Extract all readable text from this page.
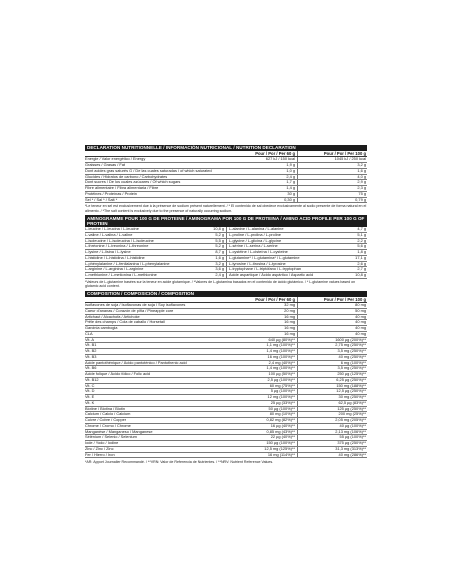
DECLARATION NUTRITIONNELLE / INFORMACIÓN NUTRICIONAL / NUTRITION DECLARATION
Pour / Por / Per 60 g	Pour / Por / Per 100 g
Energie / Valor energético / Energy	627 kJ / 150 kcal	1045 kJ / 250 kcal
Graisses / Grasas / Fat	1,9 g	3,2 g
Dont acides gras saturés G / De las cuales saturadas / of which saturated	1,0 g	1,6 g
Glucides / Hidratos de carbono / Carbohydrates	2,4 g	4,0 g
Dont sucres / De los cuales azúcares / Of which sugars	1,7 g	2,9 g
Fibre alimentaire / Fibra alimentaria / Fibre	1,4 g	2,3 g
Protéines / Proteínas / Protein	30 g	75 g
Sel * / Sal * / Salt *	0,30 g	0,79 g
*Le teneur en sel est exclusivement due à la présence de sodium présent naturellement. / * El contenido de sal obedece exclusivamente al sodio presente de forma natural en el alimento. / *The salt content is exclusively due to the presence of naturally occurring sodium.
AMINOGRAMME POUR 100 G DE PROTEINE / AMINOGRAMA POR 100 G DE PROTEINA / AMINO ACID PROFILE PER 100 G OF PROTEIN
L-leucine / L-leucina / L-leucine	10,8 g	L-alanine / L-alanina / L-alanine	4,7 g
L-valine / L-valina / L-valine	5,2 g	L-proline / L-prolina / L-proline	5,1 g
L-isoleucine / L-isoleucina / L-isoleucine	5,5 g	L-glycine / L-glicina / L-glycine	2,2 g
L-thréonine / L-treonina / L-threonine	5,2 g	L-sérine / L-serina / L-serine	5,6 g
L-lysine / L-lisina / L-lysine	8,7 g	L-cystéine / L-cisteína / L-cysteine	1,8 g
L-histidine / L-histidina / L-histidine	1,6 g	L-glutamine* / L-glutamina* / L-glutamine	17,1 g
L-phénylalanine / L-fenilalanina / L-phenylalanine	3,2 g	L-tyrosine / L-tirosina / L-tyrosine	2,6 g
L-arginine / L-arginina / L-arginine	3,6 g	L-tryptophane / L-triptófano / L-tryptophan	2,7 g
L-methionine / L-metionina / L-methionine	2,4 g	Acide aspartique / Ácido aspártico / Aspartic acid	10,8 g
*Valeurs de L-glutamine basées sur la teneur en acide glutamique. / *Valores de L-glutamina basados en el contenido de ácido glutámico. / * L-glutamine values based on glutamic acid content.
COMPOSITION / COMPOSICIÓN / COMPOSITION
Pour / Por / Per 60 g	Pour / Por / Per 100 g
Isoflavones de soja / Isoflavonas de soja / Soy isoflavones	32 mg	80 mg
Caeur d'ananas / Corazón de piña / Pineapple core	20 mg	50 mg
Artichaut / Alcachofa / Artichoke	16 mg	40 mg
Prêle des champs / Cola de caballo / Horsetail	16 mg	40 mg
Garcinia cambogia	16 mg	40 mg
CLA	16 mg	40 mg
Vit. A	640 µg (80%)**	1600 µg (200%)**
Vit. B1	1,1 mg (100%)**	2,75 mg (250%)**
Vit. B2	1,4 mg (100%)**	3,5 mg (250%)**
Vit. B3	16 mg (100%)**	40 mg (250%)**
Acide pantothénique / Ácido pantoténico / Pantothenic acid	2,4 mg (40%)**	6 mg (100%)**
Vit. B6	1,4 mg (100%)**	3,5 mg (250%)**
Acide folique / Ácido fólico / Folic acid	100 µg (50%)**	250 µg (125%)**
Vit. B12	2,5 µg (100%)**	6,25 µg (250%)**
Vit. C	60 mg (75%)**	150 mg (188%)**
Vit. D	5 µg (100%)**	12,5 µg (250%)**
Vit. E	12 mg (100%)**	30 mg (250%)**
Vit. K	25 µg (33%)**	62,5 µg (83%)**
Biotine / Biotina / Biotin	50 µg (100%)**	125 µg (250%)**
Calcium / Calcio / Calcium	80 mg (10%)**	200 mg (25%)**
Cuivre / Cobre / Copper	0,82 mg (82%)**	2,05 mg (205%)**
Chrome / Cromo / Chrome	16 µg (40%)**	40 µg (100%)**
Manganèse / Manganeso / Manganese	0,85 mg (43%)**	2,13 mg (106%)**
Sélénium / Selenio / Selenium	22 µg (40%)**	55 µg (100%)**
Iode / Yodo / Iodine	150 µg (100%)**	375 µg (250%)**
Zinc / Zinc / Zinc	12,5 mg (125%)**	31,3 mg (313%)**
Fer / Hierro / Iron	16 mg (114%)**	40 mg (286%)**
*AR: Apport Journalier Recommandé. / **VRN: Valor de Referencia de Nutrientes. / **NRV: Nutrient Reference Values.
